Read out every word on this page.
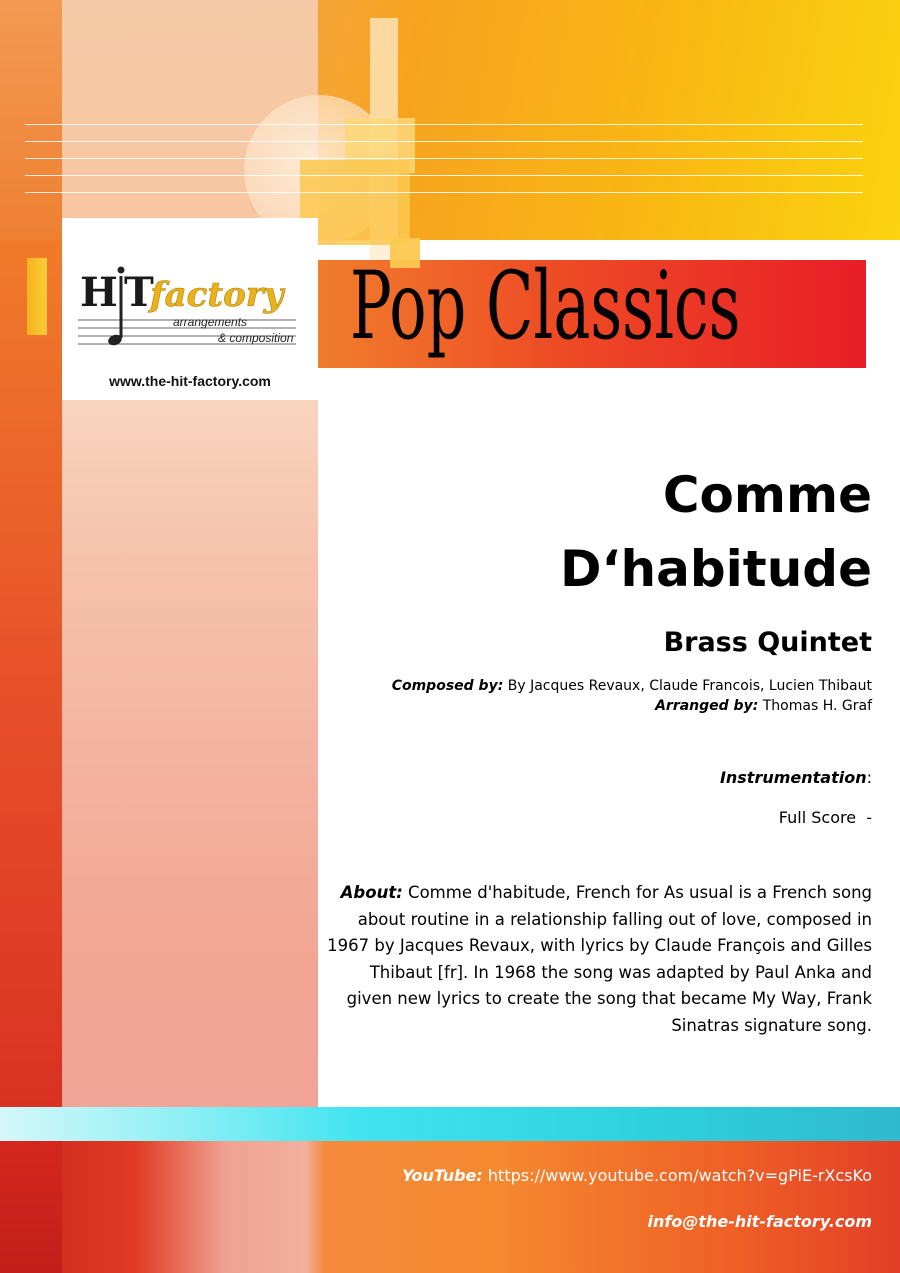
H T
factory
arrangements
& composition
www.the-hit-factory.com
Pop Classics
Comme
D‘habitude
Brass Quintet
Composed by: By Jacques Revaux, Claude Francois, Lucien Thibaut
Arranged by: Thomas H. Graf
Instrumentation:
Full Score  -
About: Comme d'habitude, French for As usual is a French song about routine in a relationship falling out of love, composed in 1967 by Jacques Revaux, with lyrics by Claude François and Gilles Thibaut [fr]. In 1968 the song was adapted by Paul Anka and given new lyrics to create the song that became My Way, Frank Sinatras signature song.
YouTube: https://www.youtube.com/watch?v=gPiE-rXcsKo
info@the-hit-factory.com
